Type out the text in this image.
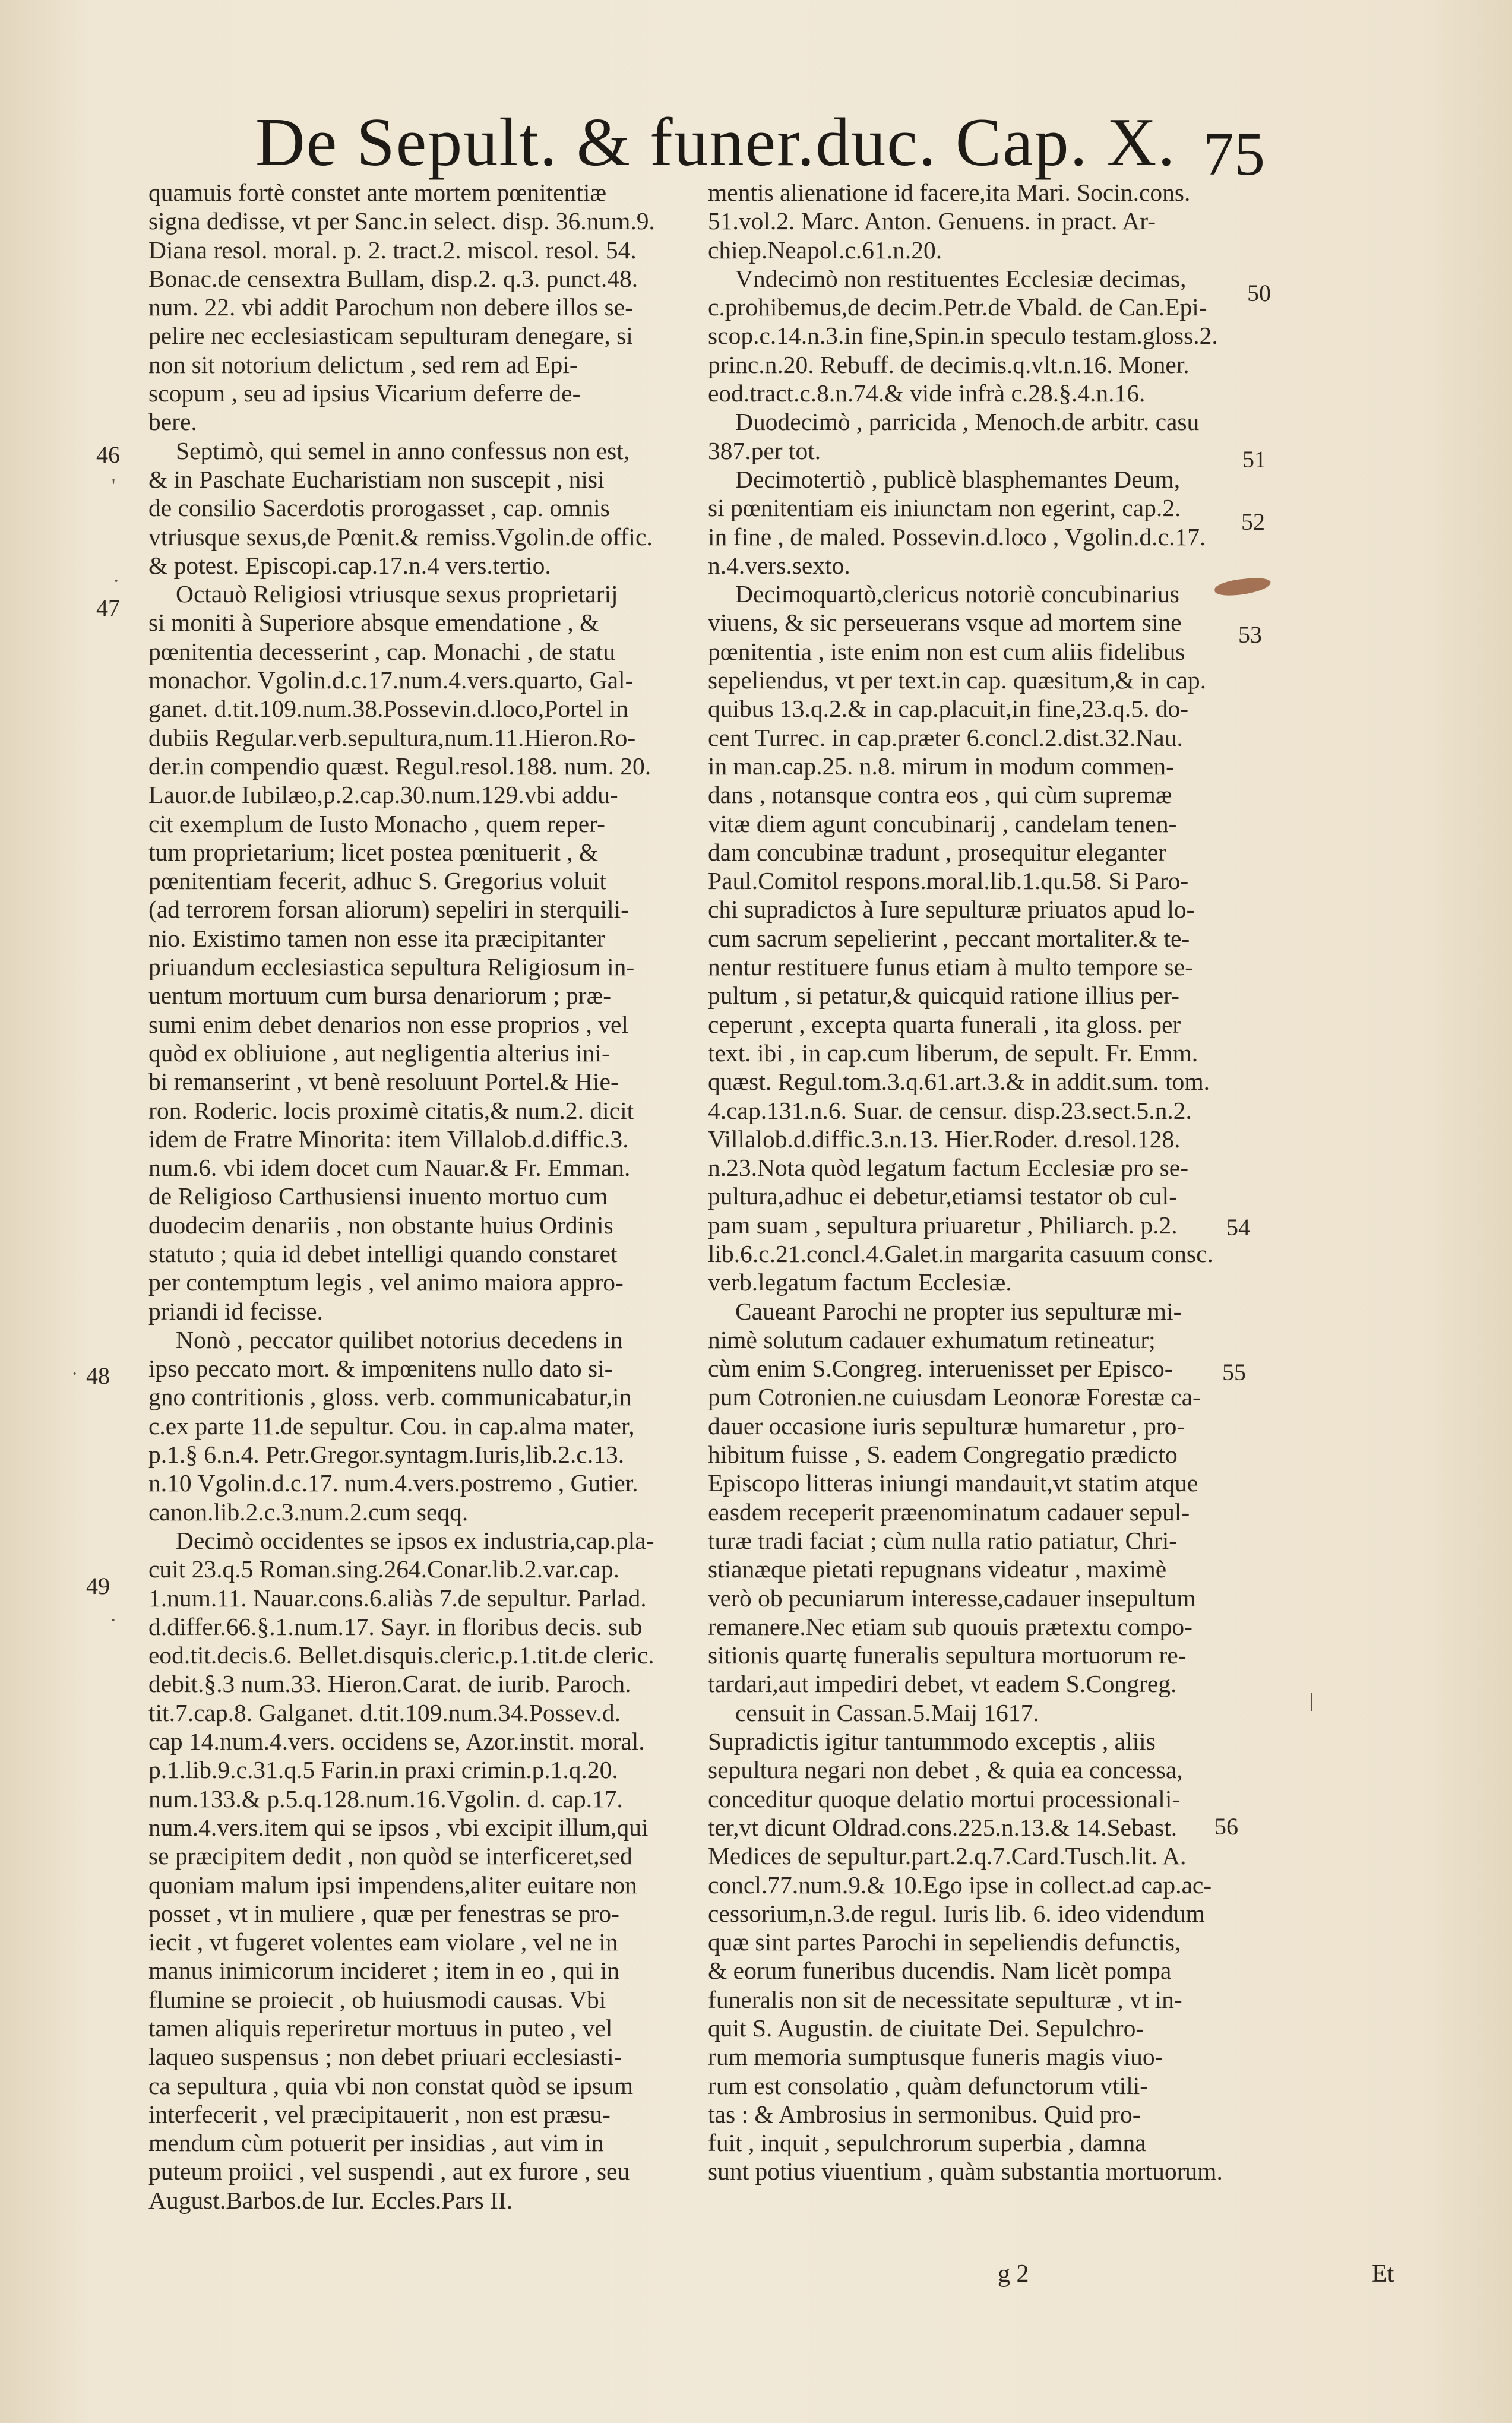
De Sepult. & funer.duc. Cap. X. 75
quamuis fortè constet ante mortem pœnitentiæ
signa dedisse, vt per Sanc.in select. disp. 36.num.9.
Diana resol. moral. p. 2. tract.2. miscol. resol. 54.
Bonac.de censextra Bullam, disp.2. q.3. punct.48.
num. 22. vbi addit Parochum non debere illos se-
pelire nec ecclesiasticam sepulturam denegare, si
non sit notorium delictum , sed rem ad Epi-
scopum , seu ad ipsius Vicarium deferre de-
bere.
Septimò, qui semel in anno confessus non est,
& in Paschate Eucharistiam non suscepit , nisi
de consilio Sacerdotis prorogasset , cap. omnis
vtriusque sexus,de Pœnit.& remiss.Vgolin.de offic.
& potest. Episcopi.cap.17.n.4 vers.tertio.
Octauò Religiosi vtriusque sexus proprietarij
si moniti à Superiore absque emendatione , &
pœnitentia decesserint , cap. Monachi , de statu
monachor. Vgolin.d.c.17.num.4.vers.quarto, Gal-
ganet. d.tit.109.num.38.Possevin.d.loco,Portel in
dubiis Regular.verb.sepultura,num.11.Hieron.Ro-
der.in compendio quæst. Regul.resol.188. num. 20.
Lauor.de Iubilæo,p.2.cap.30.num.129.vbi addu-
cit exemplum de Iusto Monacho , quem reper-
tum proprietarium; licet postea pœnituerit , &
pœnitentiam fecerit, adhuc S. Gregorius voluit
(ad terrorem forsan aliorum) sepeliri in sterquili-
nio. Existimo tamen non esse ita præcipitanter
priuandum ecclesiastica sepultura Religiosum in-
uentum mortuum cum bursa denariorum ; præ-
sumi enim debet denarios non esse proprios , vel
quòd ex obliuione , aut negligentia alterius ini-
bi remanserint , vt benè resoluunt Portel.& Hie-
ron. Roderic. locis proximè citatis,& num.2. dicit
idem de Fratre Minorita: item Villalob.d.diffic.3.
num.6. vbi idem docet cum Nauar.& Fr. Emman.
de Religioso Carthusiensi inuento mortuo cum
duodecim denariis , non obstante huius Ordinis
statuto ; quia id debet intelligi quando constaret
per contemptum legis , vel animo maiora appro-
priandi id fecisse.
Nonò , peccator quilibet notorius decedens in
ipso peccato mort. & impœnitens nullo dato si-
gno contritionis , gloss. verb. communicabatur,in
c.ex parte 11.de sepultur. Cou. in cap.alma mater,
p.1.§ 6.n.4. Petr.Gregor.syntagm.Iuris,lib.2.c.13.
n.10 Vgolin.d.c.17. num.4.vers.postremo , Gutier.
canon.lib.2.c.3.num.2.cum seqq.
Decimò occidentes se ipsos ex industria,cap.pla-
cuit 23.q.5 Roman.sing.264.Conar.lib.2.var.cap.
1.num.11. Nauar.cons.6.aliàs 7.de sepultur. Parlad.
d.differ.66.§.1.num.17. Sayr. in floribus decis. sub
eod.tit.decis.6. Bellet.disquis.cleric.p.1.tit.de cleric.
debit.§.3 num.33. Hieron.Carat. de iurib. Paroch.
tit.7.cap.8. Galganet. d.tit.109.num.34.Possev.d.
cap 14.num.4.vers. occidens se, Azor.instit. moral.
p.1.lib.9.c.31.q.5 Farin.in praxi crimin.p.1.q.20.
num.133.& p.5.q.128.num.16.Vgolin. d. cap.17.
num.4.vers.item qui se ipsos , vbi excipit illum,qui
se præcipitem dedit , non quòd se interficeret,sed
quoniam malum ipsi impendens,aliter euitare non
posset , vt in muliere , quæ per fenestras se pro-
iecit , vt fugeret volentes eam violare , vel ne in
manus inimicorum incideret ; item in eo , qui in
flumine se proiecit , ob huiusmodi causas. Vbi
tamen aliquis reperiretur mortuus in puteo , vel
laqueo suspensus ; non debet priuari ecclesiasti-
ca sepultura , quia vbi non constat quòd se ipsum
interfecerit , vel præcipitauerit , non est præsu-
mendum cùm potuerit per insidias , aut vim in
puteum proiici , vel suspendi , aut ex furore , seu
August.Barbos.de Iur. Eccles.Pars II.
mentis alienatione id facere,ita Mari. Socin.cons.
51.vol.2. Marc. Anton. Genuens. in pract. Ar-
chiep.Neapol.c.61.n.20.
Vndecimò non restituentes Ecclesiæ decimas,
c.prohibemus,de decim.Petr.de Vbald. de Can.Epi-
scop.c.14.n.3.in fine,Spin.in speculo testam.gloss.2.
princ.n.20. Rebuff. de decimis.q.vlt.n.16. Moner.
eod.tract.c.8.n.74.& vide infrà c.28.§.4.n.16.
Duodecimò , parricida , Menoch.de arbitr. casu
387.per tot.
Decimotertiò , publicè blasphemantes Deum,
si pœnitentiam eis iniunctam non egerint, cap.2.
in fine , de maled. Possevin.d.loco , Vgolin.d.c.17.
n.4.vers.sexto.
Decimoquartò,clericus notoriè concubinarius
viuens, & sic perseuerans vsque ad mortem sine
pœnitentia , iste enim non est cum aliis fidelibus
sepeliendus, vt per text.in cap. quæsitum,& in cap.
quibus 13.q.2.& in cap.placuit,in fine,23.q.5. do-
cent Turrec. in cap.præter 6.concl.2.dist.32.Nau.
in man.cap.25. n.8. mirum in modum commen-
dans , notansque contra eos , qui cùm supremæ
vitæ diem agunt concubinarij , candelam tenen-
dam concubinæ tradunt , prosequitur eleganter
Paul.Comitol respons.moral.lib.1.qu.58. Si Paro-
chi supradictos à Iure sepulturæ priuatos apud lo-
cum sacrum sepelierint , peccant mortaliter.& te-
nentur restituere funus etiam à multo tempore se-
pultum , si petatur,& quicquid ratione illius per-
ceperunt , excepta quarta funerali , ita gloss. per
text. ibi , in cap.cum liberum, de sepult. Fr. Emm.
quæst. Regul.tom.3.q.61.art.3.& in addit.sum. tom.
4.cap.131.n.6. Suar. de censur. disp.23.sect.5.n.2.
Villalob.d.diffic.3.n.13. Hier.Roder. d.resol.128.
n.23.Nota quòd legatum factum Ecclesiæ pro se-
pultura,adhuc ei debetur,etiamsi testator ob cul-
pam suam , sepultura priuaretur , Philiarch. p.2.
lib.6.c.21.concl.4.Galet.in margarita casuum consc.
verb.legatum factum Ecclesiæ.
Caueant Parochi ne propter ius sepulturæ mi-
nimè solutum cadauer exhumatum retineatur;
cùm enim S.Congreg. interuenisset per Episco-
pum Cotronien.ne cuiusdam Leonoræ Forestæ ca-
dauer occasione iuris sepulturæ humaretur , pro-
hibitum fuisse , S. eadem Congregatio prædicto
Episcopo litteras iniungi mandauit,vt statim atque
easdem receperit præenominatum cadauer sepul-
turæ tradi faciat ; cùm nulla ratio patiatur, Chri-
stianæque pietati repugnans videatur , maximè
verò ob pecuniarum interesse,cadauer insepultum
remanere.Nec etiam sub quouis prætextu compo-
sitionis quartę funeralis sepultura mortuorum re-
tardari,aut impediri debet, vt eadem S.Congreg.
censuit in Cassan.5.Maij 1617.
Supradictis igitur tantummodo exceptis , aliis
sepultura negari non debet , & quia ea concessa,
conceditur quoque delatio mortui processionali-
ter,vt dicunt Oldrad.cons.225.n.13.& 14.Sebast.
Medices de sepultur.part.2.q.7.Card.Tusch.lit. A.
concl.77.num.9.& 10.Ego ipse in collect.ad cap.ac-
cessorium,n.3.de regul. Iuris lib. 6. ideo videndum
quæ sint partes Parochi in sepeliendis defunctis,
& eorum funeribus ducendis. Nam licèt pompa
funeralis non sit de necessitate sepulturæ , vt in-
quit S. Augustin. de ciuitate Dei. Sepulchro-
rum memoria sumptusque funeris magis viuo-
rum est consolatio , quàm defunctorum vtili-
tas : & Ambrosius in sermonibus. Quid pro-
fuit , inquit , sepulchrorum superbia , damna
sunt potius viuentium , quàm substantia mortuorum.
46
47
48
49
50
51
52
53
54
55
56
'
·
·
·
|
g 2	Et
